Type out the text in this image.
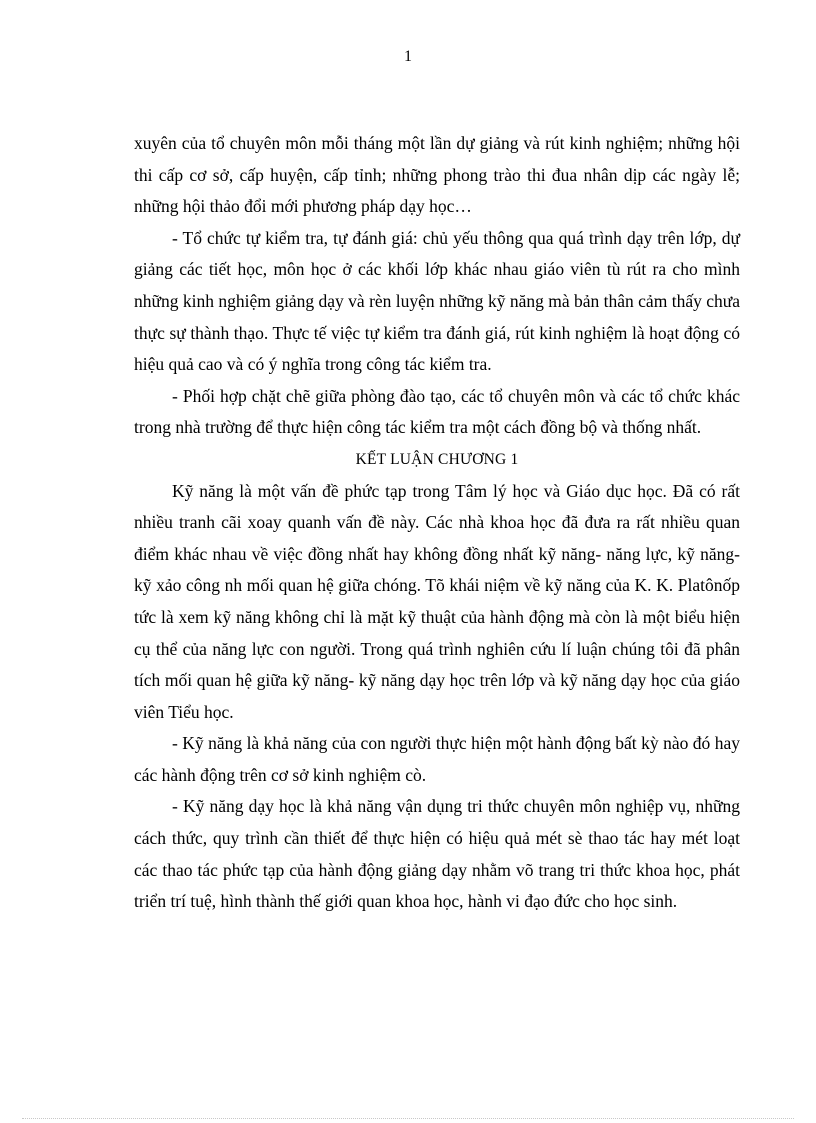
1

xuyên của tổ chuyên môn mỗi tháng một lần dự giảng và rút kinh nghiệm; những hội thi cấp cơ sở, cấp huyện, cấp tỉnh; những phong trào thi đua nhân dịp các ngày lễ; những hội thảo đổi mới phương pháp dạy học…

- Tổ chức tự kiểm tra, tự đánh giá: chủ yếu thông qua quá trình dạy trên lớp, dự giảng các tiết học, môn học ở các khối lớp khác nhau giáo viên tù rút ra cho mình những kinh nghiệm giảng dạy và rèn luyện những kỹ năng mà bản thân cảm thấy chưa thực sự thành thạo. Thực tế việc tự kiểm tra đánh giá, rút kinh nghiệm là hoạt động có hiệu quả cao và có ý nghĩa trong công tác kiểm tra.

- Phối hợp chặt chẽ giữa phòng đào tạo, các tổ chuyên môn và các tổ chức khác trong nhà trường để thực hiện công tác kiểm tra một cách đồng bộ và thống nhất.

KẾT LUẬN CHƯƠNG 1

Kỹ năng là một vấn đề phức tạp trong Tâm lý học và Giáo dục học. Đã có rất nhiều tranh cãi xoay quanh vấn đề này. Các nhà khoa học đã đưa ra rất nhiều quan điểm khác nhau về việc đồng nhất hay không đồng nhất kỹ năng- năng lực, kỹ năng- kỹ xảo công nh mối quan hệ giữa chóng. Tõ khái niệm về kỹ năng của K. K. Platônốp tức là xem kỹ năng không chỉ là mặt kỹ thuật của hành động mà còn là một biểu hiện cụ thể của năng lực con người. Trong quá trình nghiên cứu lí luận chúng tôi đã phân tích mối quan hệ giữa kỹ năng- kỹ năng dạy học trên lớp và kỹ năng dạy học của giáo viên Tiểu học.

- Kỹ năng là khả năng của con người thực hiện một hành động bất kỳ nào đó hay các hành động trên cơ sở kinh nghiệm cò.

- Kỹ năng dạy học là khả năng vận dụng tri thức chuyên môn nghiệp vụ, những cách thức, quy trình cần thiết để thực hiện có hiệu quả mét sè thao tác hay mét loạt các thao tác phức tạp của hành động giảng dạy nhằm võ trang tri thức khoa học, phát triển trí tuệ, hình thành thế giới quan khoa học, hành vi đạo đức cho học sinh.
